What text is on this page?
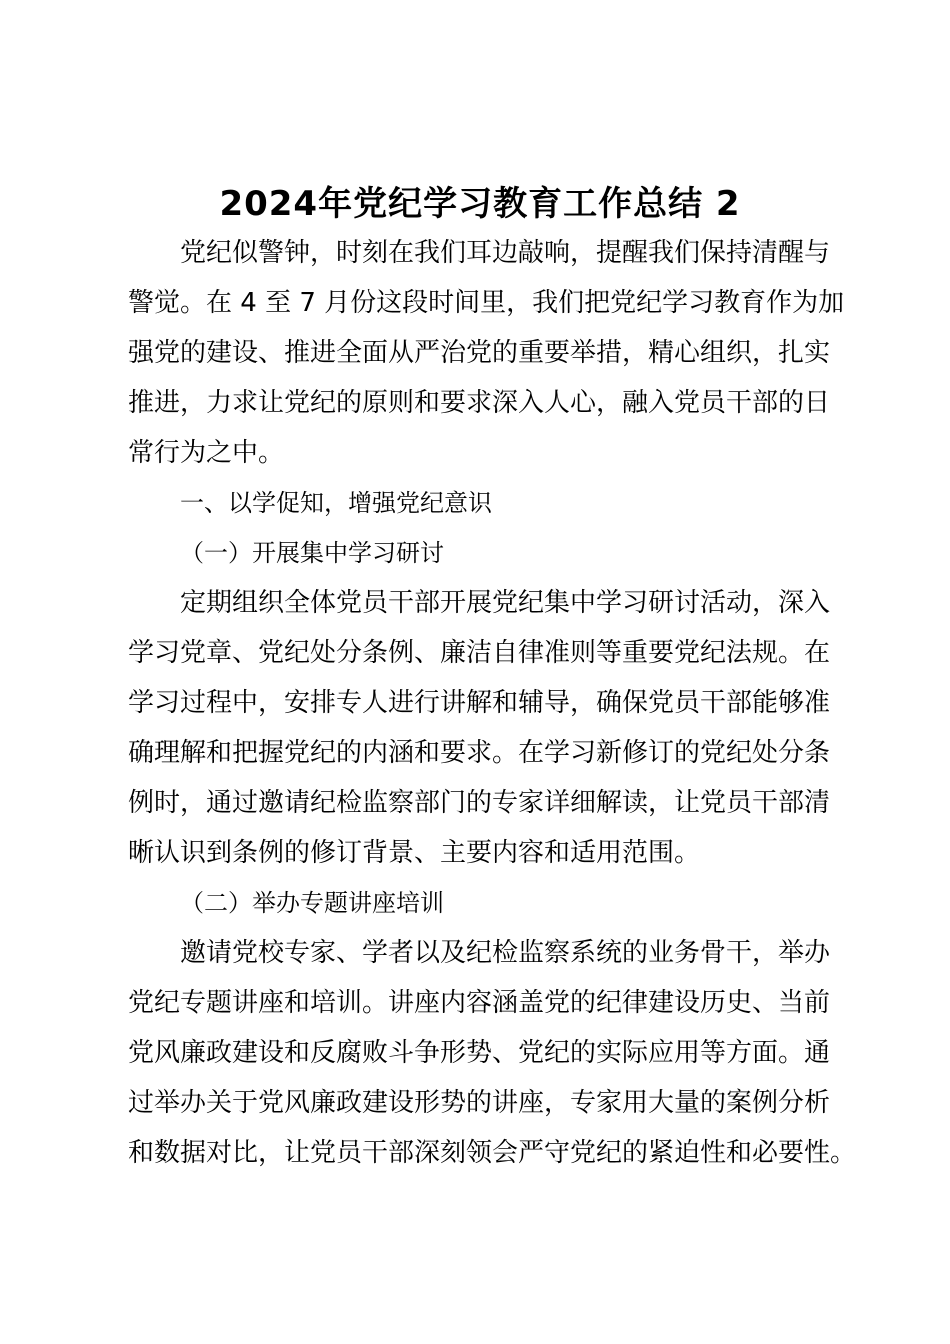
2024年党纪学习教育工作总结 2

党纪似警钟，时刻在我们耳边敲响，提醒我们保持清醒与
警觉。在 4 至 7 月份这段时间里，我们把党纪学习教育作为加
强党的建设、推进全面从严治党的重要举措，精心组织，扎实
推进，力求让党纪的原则和要求深入人心，融入党员干部的日
常行为之中。

一、以学促知，增强党纪意识

（一）开展集中学习研讨

定期组织全体党员干部开展党纪集中学习研讨活动，深入
学习党章、党纪处分条例、廉洁自律准则等重要党纪法规。在
学习过程中，安排专人进行讲解和辅导，确保党员干部能够准
确理解和把握党纪的内涵和要求。在学习新修订的党纪处分条
例时，通过邀请纪检监察部门的专家详细解读，让党员干部清
晰认识到条例的修订背景、主要内容和适用范围。

（二）举办专题讲座培训

邀请党校专家、学者以及纪检监察系统的业务骨干，举办
党纪专题讲座和培训。讲座内容涵盖党的纪律建设历史、当前
党风廉政建设和反腐败斗争形势、党纪的实际应用等方面。通
过举办关于党风廉政建设形势的讲座，专家用大量的案例分析
和数据对比，让党员干部深刻领会严守党纪的紧迫性和必要性。
